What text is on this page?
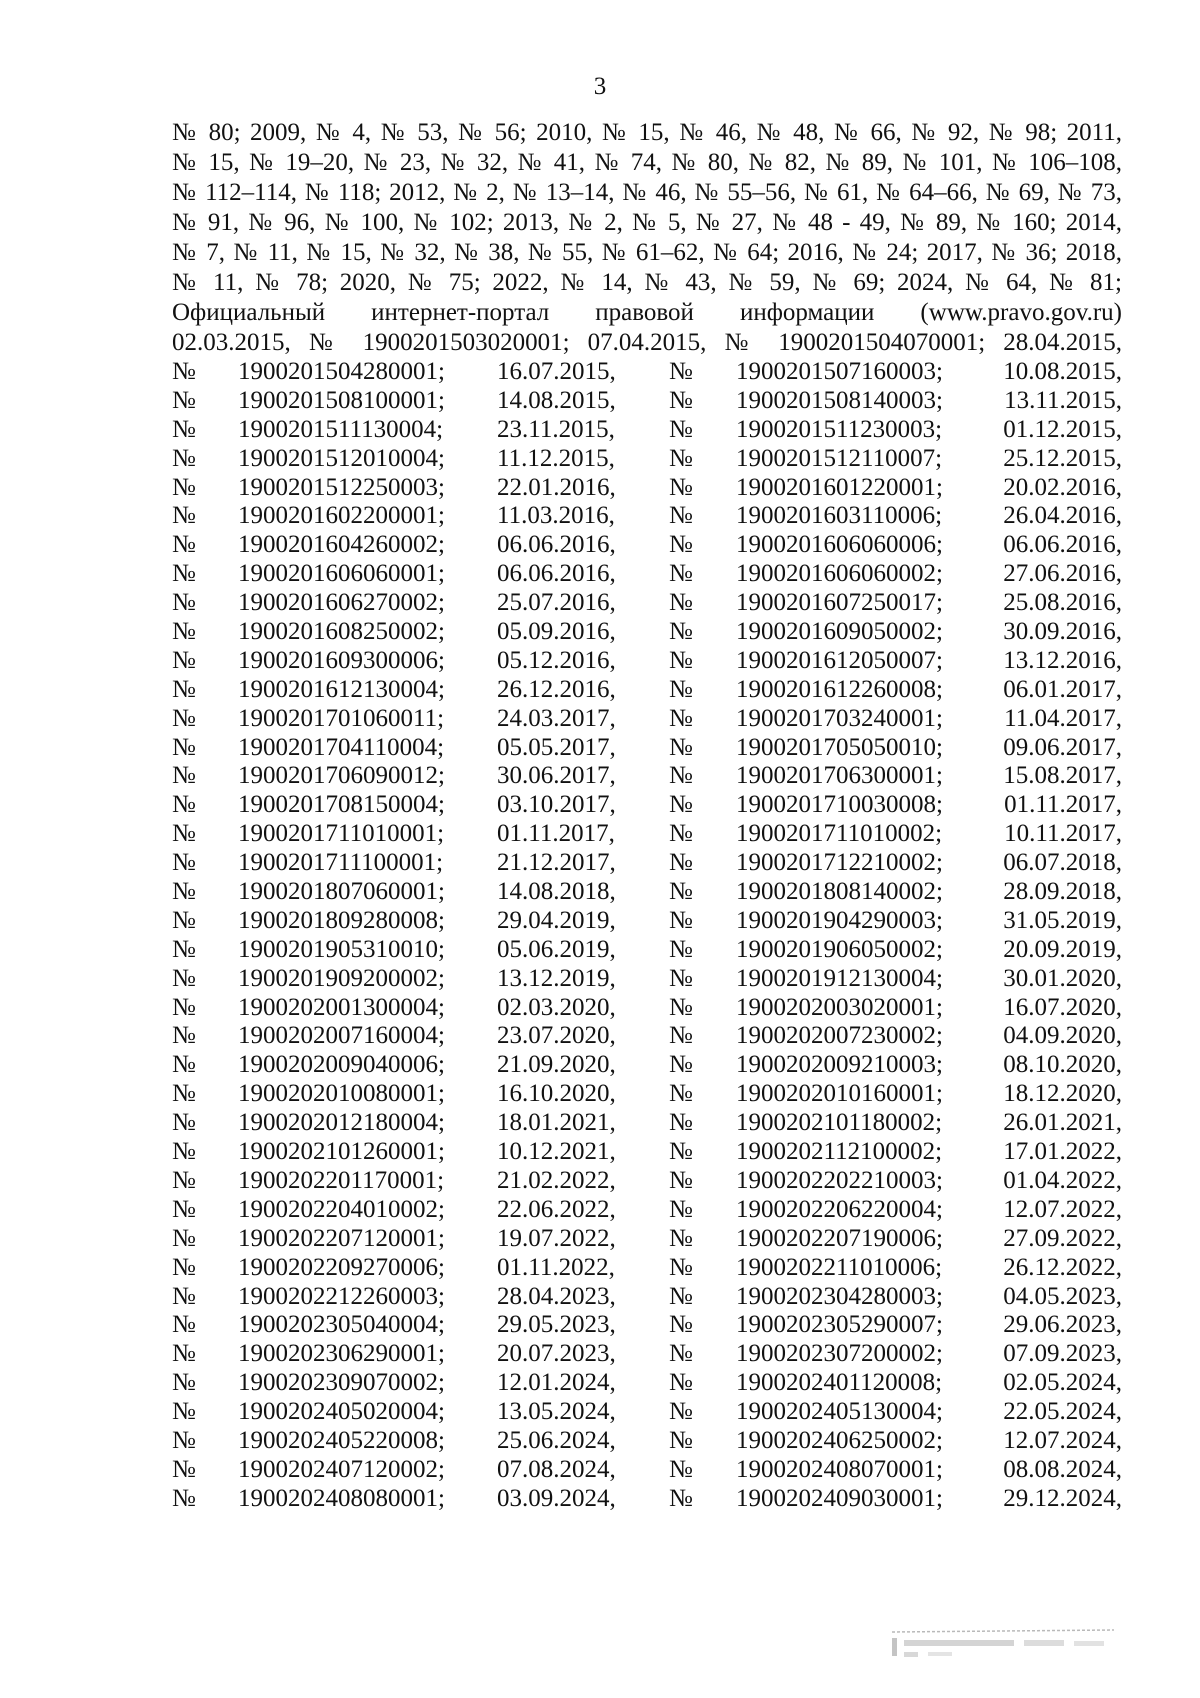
3
№ 80; 2009, № 4, № 53, № 56; 2010, № 15, № 46, № 48, № 66, № 92, № 98; 2011,
№ 15, № 19–20, № 23, № 32, № 41, № 74, № 80, № 82, № 89, № 101, № 106–108,
№ 112–114, № 118; 2012, № 2, № 13–14, № 46, № 55–56, № 61, № 64–66, № 69, № 73,
№ 91, № 96, № 100, № 102; 2013, № 2, № 5, № 27, № 48 - 49, № 89, № 160; 2014,
№ 7, № 11, № 15, № 32, № 38, № 55, № 61–62, № 64; 2016, № 24; 2017, № 36; 2018,
№ 11, № 78; 2020, № 75; 2022, № 14, № 43, № 59, № 69; 2024, № 64, № 81;
Официальный интернет-портал правовой информации (www.pravo.gov.ru)
02.03.2015, № 1900201503020001; 07.04.2015, № 1900201504070001; 28.04.2015,
№ 1900201504280001; 16.07.2015, № 1900201507160003; 10.08.2015,
№ 1900201508100001; 14.08.2015, № 1900201508140003; 13.11.2015,
№ 1900201511130004; 23.11.2015, № 1900201511230003; 01.12.2015,
№ 1900201512010004; 11.12.2015, № 1900201512110007; 25.12.2015,
№ 1900201512250003; 22.01.2016, № 1900201601220001; 20.02.2016,
№ 1900201602200001; 11.03.2016, № 1900201603110006; 26.04.2016,
№ 1900201604260002; 06.06.2016, № 1900201606060006; 06.06.2016,
№ 1900201606060001; 06.06.2016, № 1900201606060002; 27.06.2016,
№ 1900201606270002; 25.07.2016, № 1900201607250017; 25.08.2016,
№ 1900201608250002; 05.09.2016, № 1900201609050002; 30.09.2016,
№ 1900201609300006; 05.12.2016, № 1900201612050007; 13.12.2016,
№ 1900201612130004; 26.12.2016, № 1900201612260008; 06.01.2017,
№ 1900201701060011; 24.03.2017, № 1900201703240001; 11.04.2017,
№ 1900201704110004; 05.05.2017, № 1900201705050010; 09.06.2017,
№ 1900201706090012; 30.06.2017, № 1900201706300001; 15.08.2017,
№ 1900201708150004; 03.10.2017, № 1900201710030008; 01.11.2017,
№ 1900201711010001; 01.11.2017, № 1900201711010002; 10.11.2017,
№ 1900201711100001; 21.12.2017, № 1900201712210002; 06.07.2018,
№ 1900201807060001; 14.08.2018, № 1900201808140002; 28.09.2018,
№ 1900201809280008; 29.04.2019, № 1900201904290003; 31.05.2019,
№ 1900201905310010; 05.06.2019, № 1900201906050002; 20.09.2019,
№ 1900201909200002; 13.12.2019, № 1900201912130004; 30.01.2020,
№ 1900202001300004; 02.03.2020, № 1900202003020001; 16.07.2020,
№ 1900202007160004; 23.07.2020, № 1900202007230002; 04.09.2020,
№ 1900202009040006; 21.09.2020, № 1900202009210003; 08.10.2020,
№ 1900202010080001; 16.10.2020, № 1900202010160001; 18.12.2020,
№ 1900202012180004; 18.01.2021, № 1900202101180002; 26.01.2021,
№ 1900202101260001; 10.12.2021, № 1900202112100002; 17.01.2022,
№ 1900202201170001; 21.02.2022, № 1900202202210003; 01.04.2022,
№ 1900202204010002; 22.06.2022, № 1900202206220004; 12.07.2022,
№ 1900202207120001; 19.07.2022, № 1900202207190006; 27.09.2022,
№ 1900202209270006; 01.11.2022, № 1900202211010006; 26.12.2022,
№ 1900202212260003; 28.04.2023, № 1900202304280003; 04.05.2023,
№ 1900202305040004; 29.05.2023, № 1900202305290007; 29.06.2023,
№ 1900202306290001; 20.07.2023, № 1900202307200002; 07.09.2023,
№ 1900202309070002; 12.01.2024, № 1900202401120008; 02.05.2024,
№ 1900202405020004; 13.05.2024, № 1900202405130004; 22.05.2024,
№ 1900202405220008; 25.06.2024, № 1900202406250002; 12.07.2024,
№ 1900202407120002; 07.08.2024, № 1900202408070001; 08.08.2024,
№ 1900202408080001; 03.09.2024, № 1900202409030001; 29.12.2024,
